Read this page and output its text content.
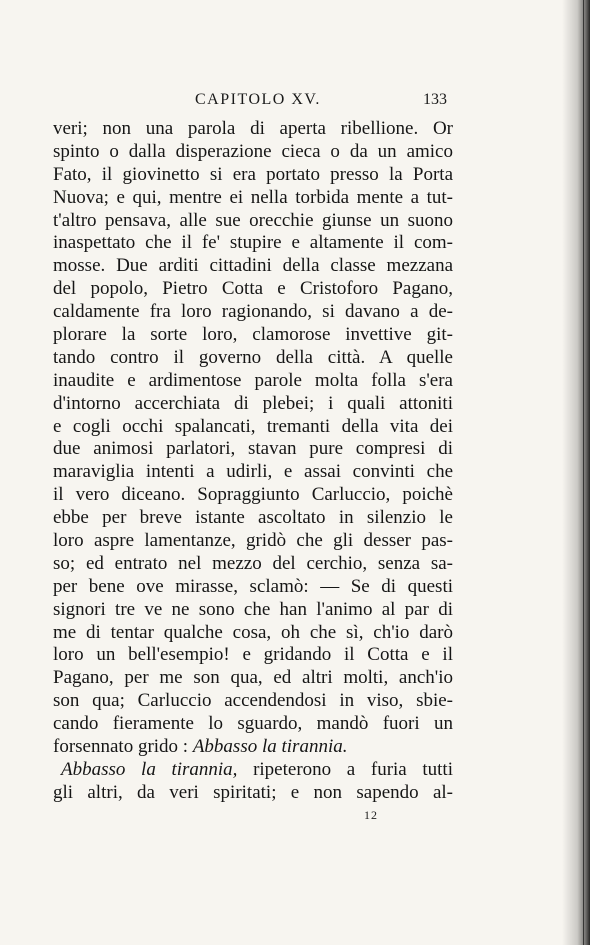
CAPITOLO XV.	133
veri; non una parola di aperta ribellione. Or
spinto o dalla disperazione cieca o da un amico
Fato, il giovinetto si era portato presso la Porta
Nuova; e qui, mentre ei nella torbida mente a tut-
t'altro pensava, alle sue orecchie giunse un suono
inaspettato che il fe' stupire e altamente il com-
mosse. Due arditi cittadini della classe mezzana
del popolo, Pietro Cotta e Cristoforo Pagano,
caldamente fra loro ragionando, si davano a de-
plorare la sorte loro, clamorose invettive git-
tando contro il governo della città. A quelle
inaudite e ardimentose parole molta folla s'era
d'intorno accerchiata di plebei; i quali attoniti
e cogli occhi spalancati, tremanti della vita dei
due animosi parlatori, stavan pure compresi di
maraviglia intenti a udirli, e assai convinti che
il vero diceano. Sopraggiunto Carluccio, poichè
ebbe per breve istante ascoltato in silenzio le
loro aspre lamentanze, gridò che gli desser pas-
so; ed entrato nel mezzo del cerchio, senza sa-
per bene ove mirasse, sclamò: — Se di questi
signori tre ve ne sono che han l'animo al par di
me di tentar qualche cosa, oh che sì, ch'io darò
loro un bell'esempio! e gridando il Cotta e il
Pagano, per me son qua, ed altri molti, anch'io
son qua; Carluccio accendendosi in viso, sbie-
cando fieramente lo sguardo, mandò fuori un
forsennato grido : Abbasso la tirannia.
Abbasso la tirannia, ripeterono a furia tutti
gli altri, da veri spiritati; e non sapendo al-
12
